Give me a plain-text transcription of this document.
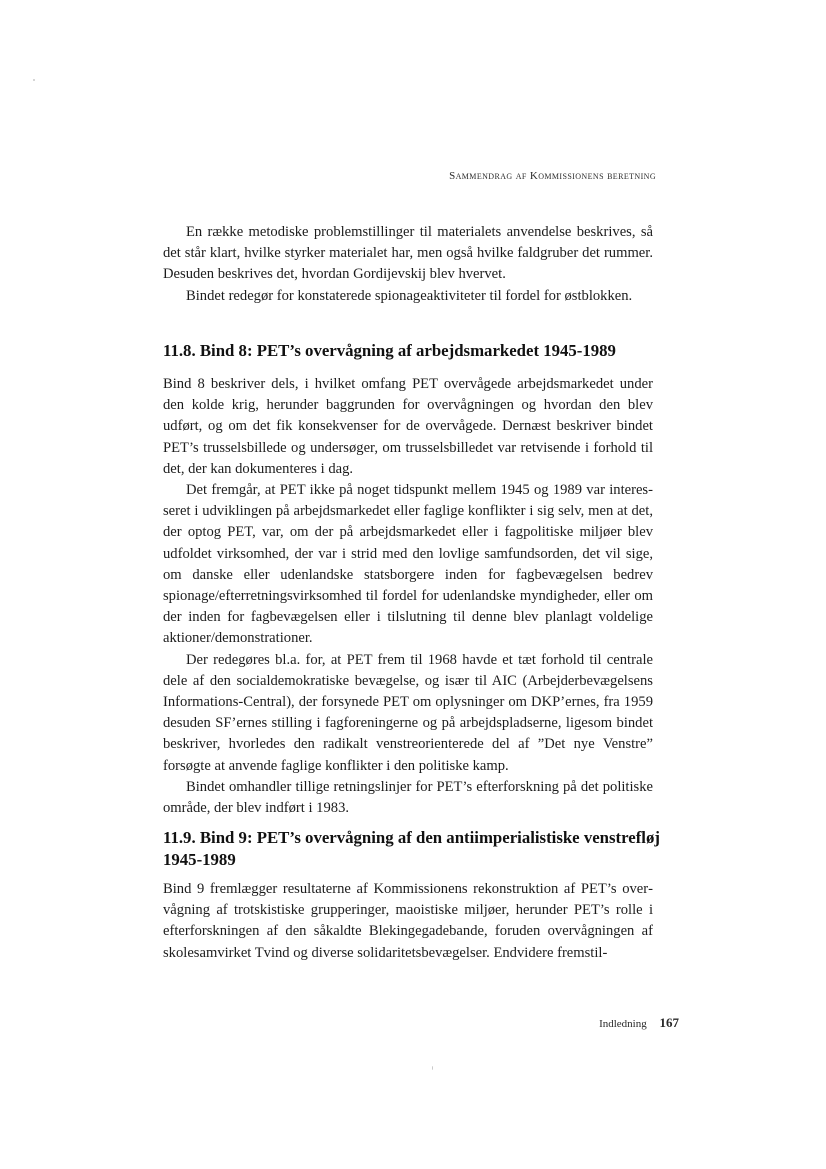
Sammendrag af Kommissionens beretning

En række metodiske problemstillinger til materialets anvendelse beskrives, så det står klart, hvilke styrker materialet har, men også hvilke faldgruber det rummer. Desuden beskrives det, hvordan Gordijevskij blev hvervet.

Bindet redegør for konstaterede spionageaktiviteter til fordel for østblokken.

11.8. Bind 8: PET’s overvågning af arbejdsmarkedet 1945-1989

Bind 8 beskriver dels, i hvilket omfang PET overvågede arbejdsmarkedet under den kolde krig, herunder baggrunden for overvågningen og hvordan den blev udført, og om det fik konsekvenser for de overvågede. Dernæst beskriver bindet PET’s trusselsbillede og undersøger, om trusselsbilledet var retvisende i forhold til det, der kan dokumenteres i dag.

Det fremgår, at PET ikke på noget tidspunkt mellem 1945 og 1989 var interesseret i udviklingen på arbejdsmarkedet eller faglige konflikter i sig selv, men at det, der optog PET, var, om der på arbejdsmarkedet eller i fagpolitiske miljøer blev udfoldet virksomhed, der var i strid med den lovlige samfundsorden, det vil sige, om danske eller udenlandske statsborgere inden for fagbevægelsen bedrev spionage/efterretningsvirksomhed til fordel for udenlandske myndigheder, eller om der inden for fagbevægelsen eller i tilslutning til denne blev planlagt voldelige aktioner/demonstrationer.

Der redegøres bl.a. for, at PET frem til 1968 havde et tæt forhold til centrale dele af den socialdemokratiske bevægelse, og især til AIC (Arbejderbevægelsens Informations-Central), der forsynede PET om oplysninger om DKP’ernes, fra 1959 desuden SF’ernes stilling i fagforeningerne og på arbejdspladserne, ligesom bindet beskriver, hvorledes den radikalt venstreorienterede del af ”Det nye Venstre” forsøgte at anvende faglige konflikter i den politiske kamp.

Bindet omhandler tillige retningslinjer for PET’s efterforskning på det politiske område, der blev indført i 1983.

11.9. Bind 9: PET’s overvågning af den antiimperialistiske venstrefløj 1945-1989

Bind 9 fremlægger resultaterne af Kommissionens rekonstruktion af PET’s overvågning af trotskistiske grupperinger, maoistiske miljøer, herunder PET’s rolle i efterforskningen af den såkaldte Blekingegadebande, foruden overvågningen af skolesamvirket Tvind og diverse solidaritetsbevægelser. Endvidere fremstil-

Indledning 167
